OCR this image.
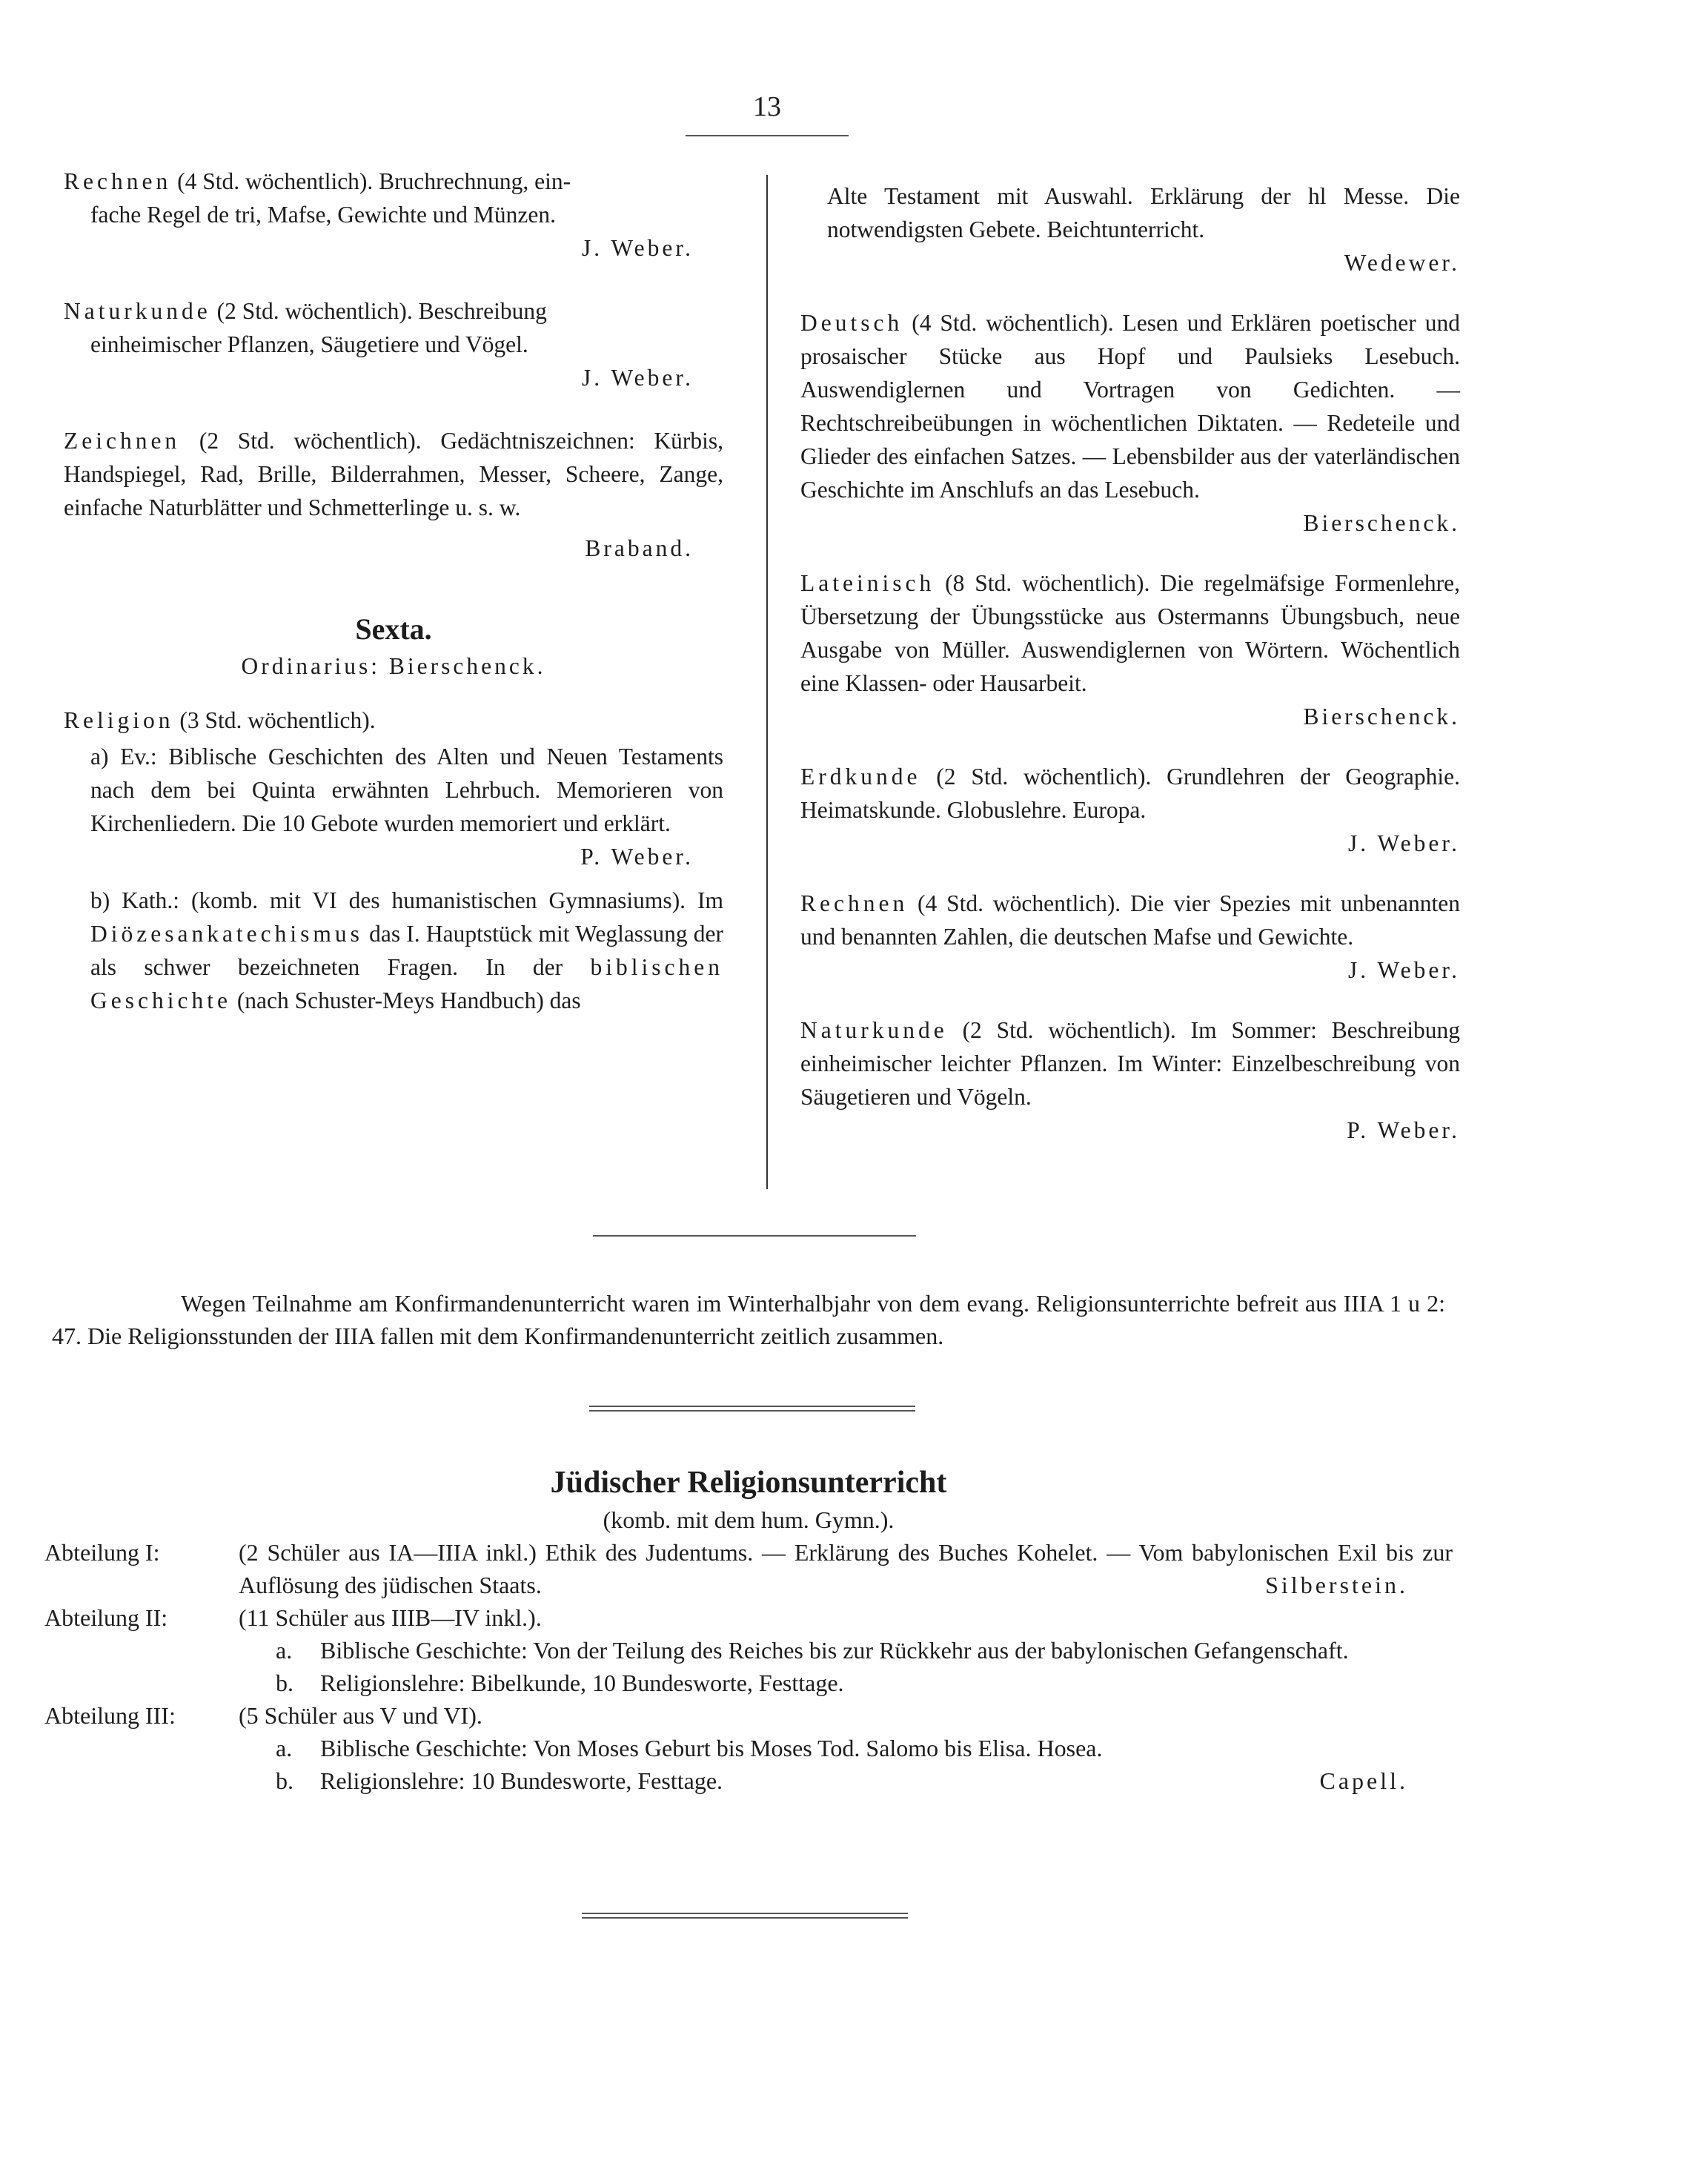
13
Rechnen (4 Std. wöchentlich). Bruchrechnung, ein-
fache Regel de tri, Mafse, Gewichte und Münzen.
J. Weber.
Naturkunde (2 Std. wöchentlich). Beschreibung
einheimischer Pflanzen, Säugetiere und Vögel.
J. Weber.
Zeichnen (2 Std. wöchentlich). Gedächtniszeichnen: Kürbis, Handspiegel, Rad, Brille, Bilderrahmen, Messer, Scheere, Zange, einfache Naturblätter und Schmetterlinge u. s. w.
Braband.
Sexta.
Ordinarius: Bierschenck.
Religion (3 Std. wöchentlich).
a) Ev.: Biblische Geschichten des Alten und Neuen Testaments nach dem bei Quinta erwähnten Lehrbuch. Memorieren von Kirchenliedern. Die 10 Gebote wurden memoriert und erklärt.
P. Weber.
b) Kath.: (komb. mit VI des humanistischen Gymnasiums). Im Diözesankatechismus das I. Hauptstück mit Weglassung der als schwer bezeichneten Fragen. In der biblischen Geschichte (nach Schuster-Meys Handbuch) das
Alte Testament mit Auswahl. Erklärung der hl Messe. Die notwendigsten Gebete. Beichtunterricht.
Wedewer.
Deutsch (4 Std. wöchentlich). Lesen und Erklären poetischer und prosaischer Stücke aus Hopf und Paulsieks Lesebuch. Auswendiglernen und Vortragen von Gedichten. — Rechtschreibeübungen in wöchentlichen Diktaten. — Redeteile und Glieder des einfachen Satzes. — Lebensbilder aus der vaterländischen Geschichte im Anschlufs an das Lesebuch.
Bierschenck.
Lateinisch (8 Std. wöchentlich). Die regelmäfsige Formenlehre, Übersetzung der Übungsstücke aus Ostermanns Übungsbuch, neue Ausgabe von Müller. Auswendiglernen von Wörtern. Wöchentlich eine Klassen- oder Hausarbeit.
Bierschenck.
Erdkunde (2 Std. wöchentlich). Grundlehren der Geographie. Heimatskunde. Globuslehre. Europa.
J. Weber.
Rechnen (4 Std. wöchentlich). Die vier Spezies mit unbenannten und benannten Zahlen, die deutschen Mafse und Gewichte.
J. Weber.
Naturkunde (2 Std. wöchentlich). Im Sommer: Beschreibung einheimischer leichter Pflanzen. Im Winter: Einzelbeschreibung von Säugetieren und Vögeln.
P. Weber.
Wegen Teilnahme am Konfirmandenunterricht waren im Winterhalbjahr von dem evang. Religionsunterrichte befreit aus IIIA 1 u 2: 47. Die Religionsstunden der IIIA fallen mit dem Konfirmandenunterricht zeitlich zusammen.
Jüdischer Religionsunterricht
(komb. mit dem hum. Gymn.).
Abteilung I:	(2 Schüler aus IA—IIIA inkl.) Ethik des Judentums. — Erklärung des Buches Kohelet. — Vom babylonischen Exil bis zur Auflösung des jüdischen Staats.	Silberstein.
Abteilung II:	(11 Schüler aus IIIB—IV inkl.).
a.	Biblische Geschichte: Von der Teilung des Reiches bis zur Rückkehr aus der babylonischen Gefangenschaft.
b.	Religionslehre: Bibelkunde, 10 Bundesworte, Festtage.
Abteilung III:	(5 Schüler aus V und VI).
a.	Biblische Geschichte: Von Moses Geburt bis Moses Tod. Salomo bis Elisa. Hosea.
b.	Religionslehre: 10 Bundesworte, Festtage.	Capell.
